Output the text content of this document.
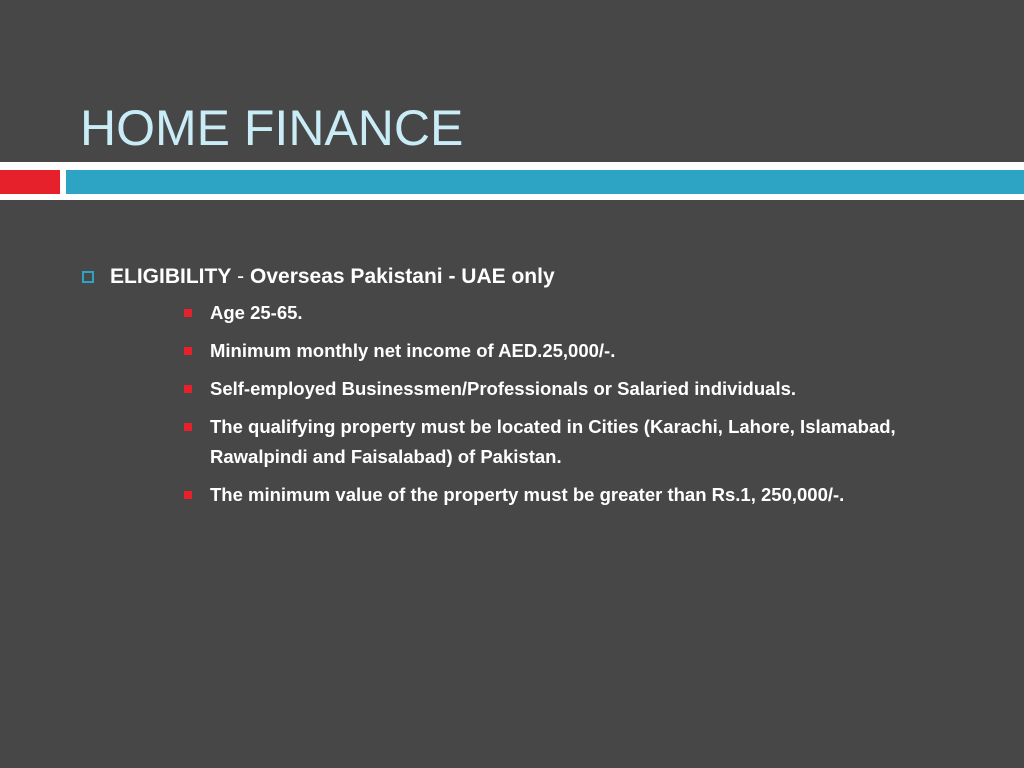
HOME FINANCE
ELIGIBILITY - Overseas Pakistani - UAE only
Age 25-65.
Minimum monthly net income of AED.25,000/-.
Self-employed Businessmen/Professionals or Salaried individuals.
The qualifying property must be located in Cities (Karachi, Lahore, Islamabad, Rawalpindi and Faisalabad) of Pakistan.
The minimum value of the property must be greater than Rs.1, 250,000/-.
